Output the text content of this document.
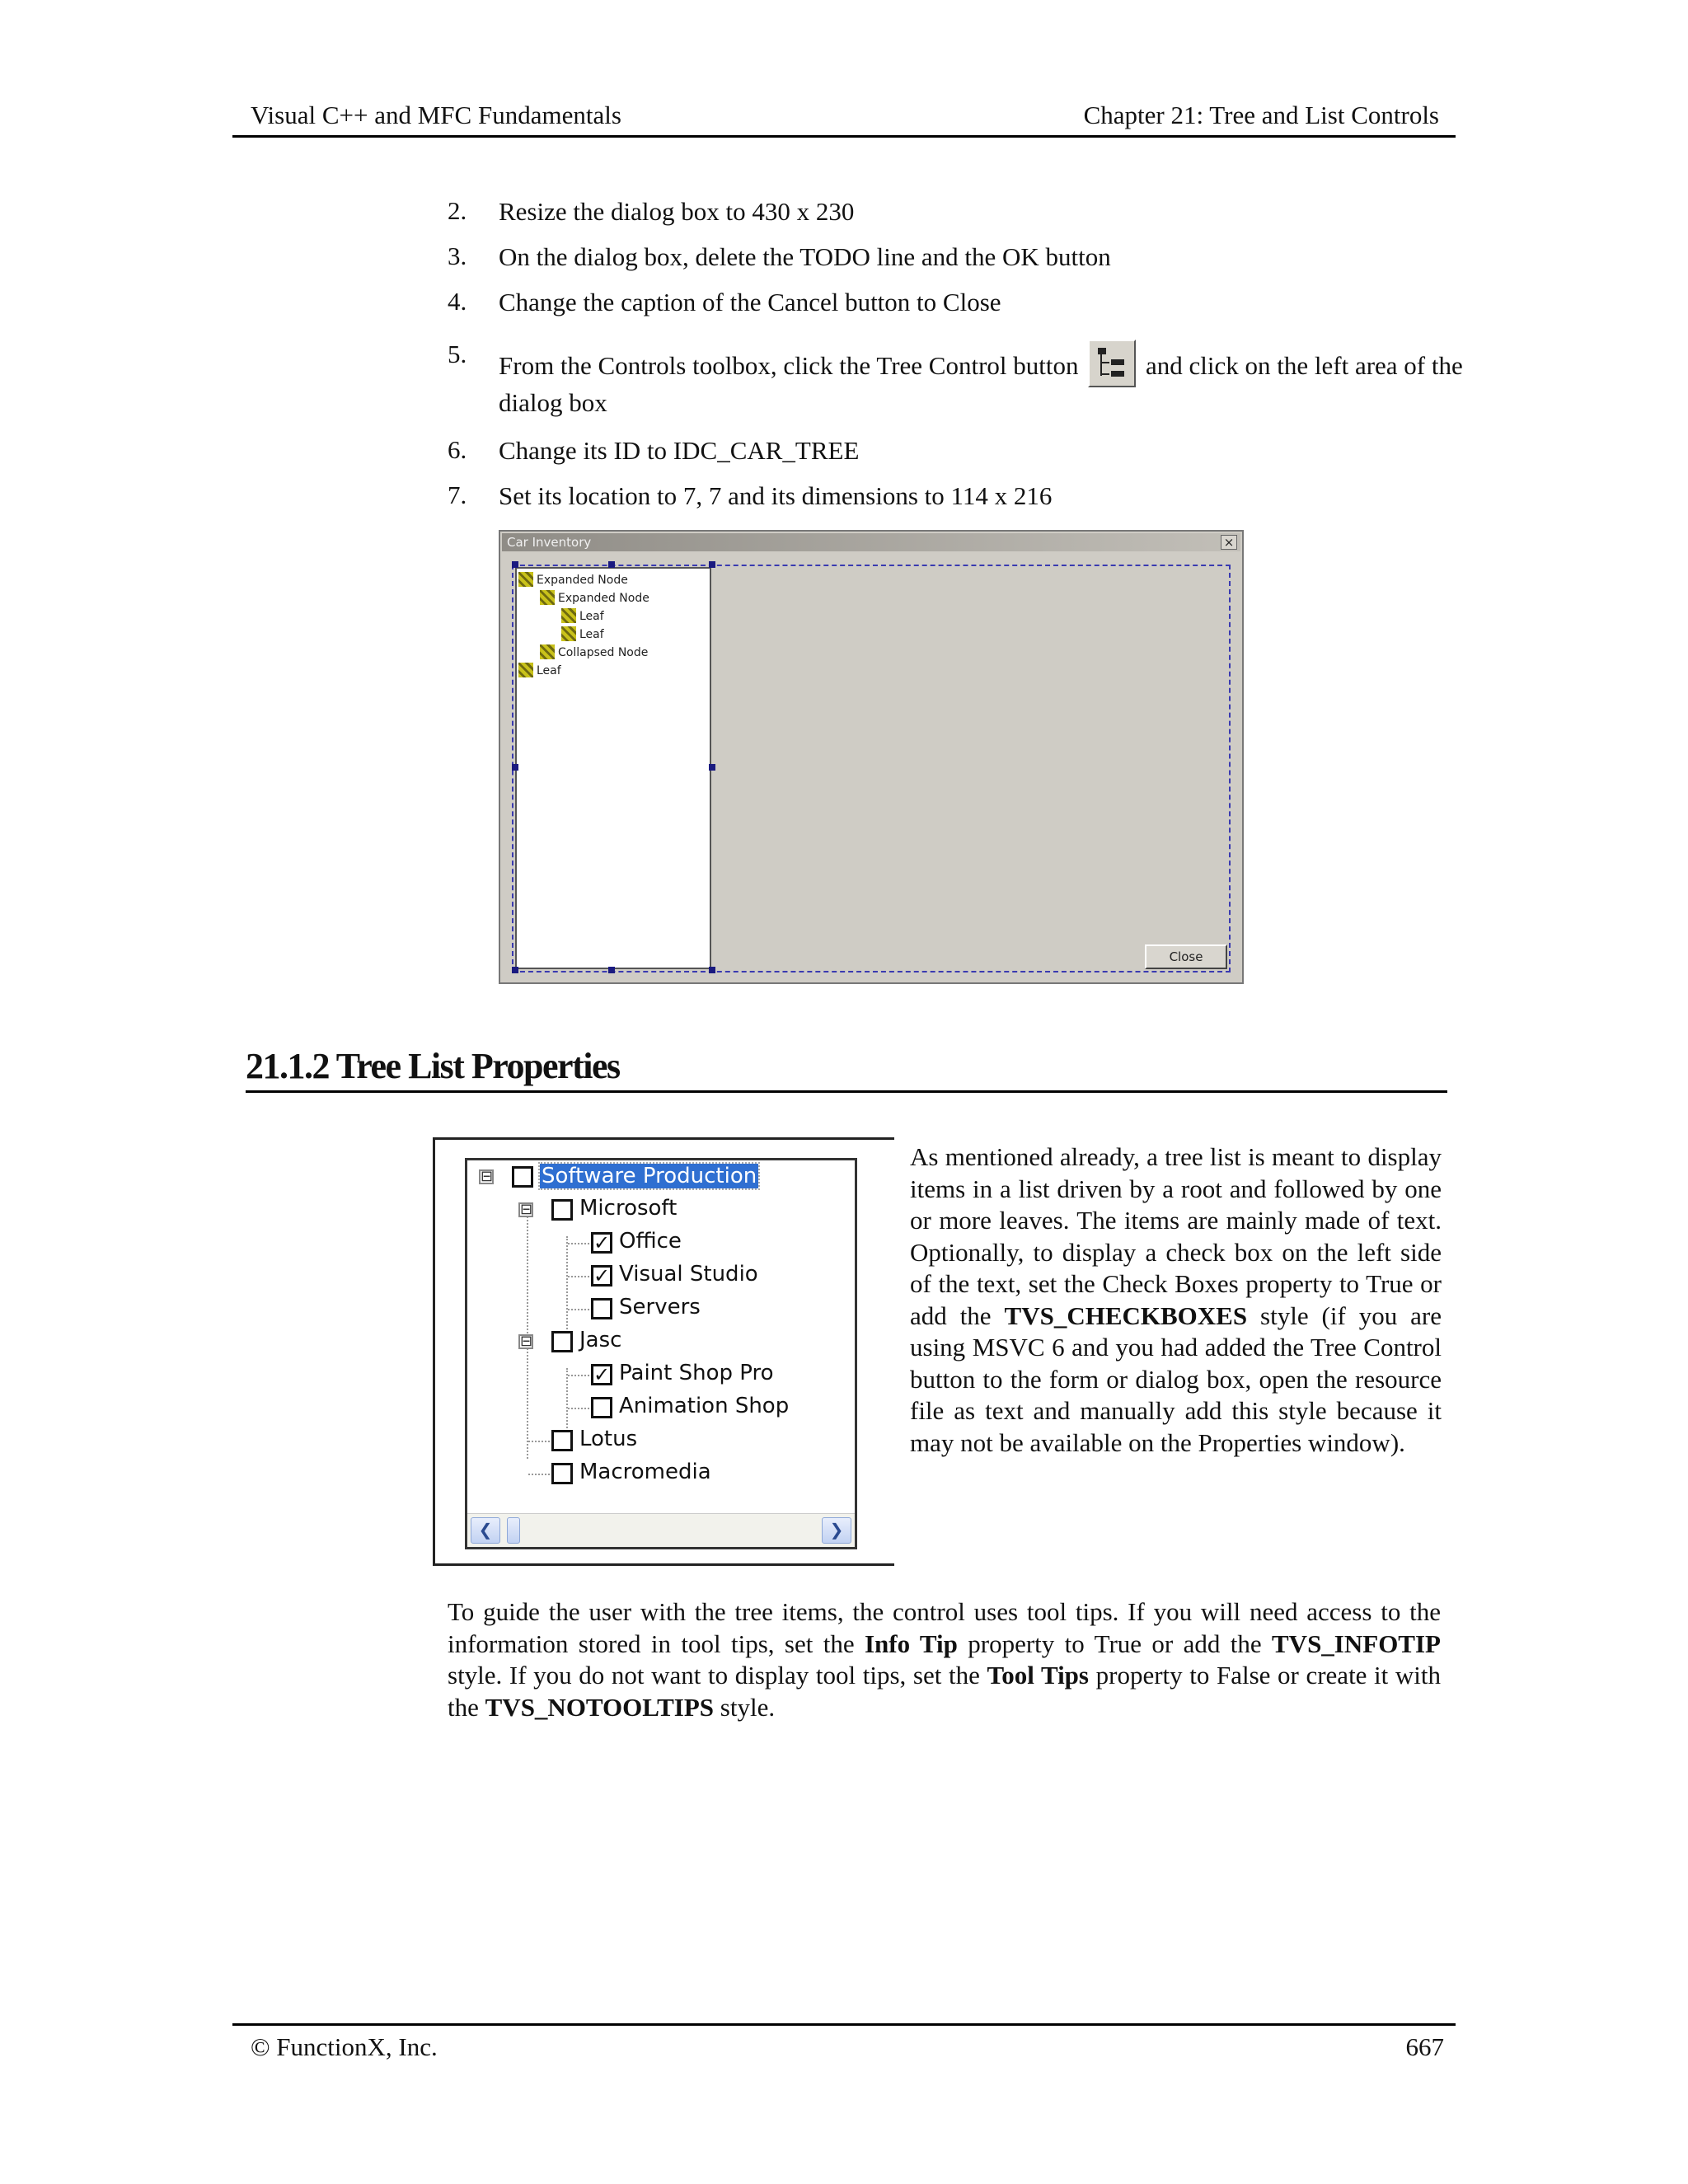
Visual C++ and MFC Fundamentals	Chapter 21: Tree and List Controls
2. Resize the dialog box to 430 x 230
3. On the dialog box, delete the TODO line and the OK button
4. Change the caption of the Cancel button to Close
5. From the Controls toolbox, click the Tree Control button	and click on the left area of the dialog box
6. Change its ID to IDC_CAR_TREE
7. Set its location to 7, 7 and its dimensions to 114 x 216
Car Inventory	×
Expanded Node
Expanded Node
Leaf
Leaf
Collapsed Node
Leaf
Close
21.1.2 Tree List Properties
⊟ Software Production
⊟ Microsoft
✓ Office
✓ Visual Studio
Servers
⊟ Jasc
✓ Paint Shop Pro
Animation Shop
Lotus
Macromedia
❮	❯
As mentioned already, a tree list is meant to display items in a list driven by a root and followed by one or more leaves. The items are mainly made of text. Optionally, to display a check box on the left side of the text, set the Check Boxes property to True or add the TVS_CHECKBOXES style (if you are using MSVC 6 and you had added the Tree Control button to the form or dialog box, open the resource file as text and manually add this style because it may not be available on the Properties window).
To guide the user with the tree items, the control uses tool tips. If you will need access to the information stored in tool tips, set the Info Tip property to True or add the TVS_INFOTIP style. If you do not want to display tool tips, set the Tool Tips property to False or create it with the TVS_NOTOOLTIPS style.
© FunctionX, Inc.	667
